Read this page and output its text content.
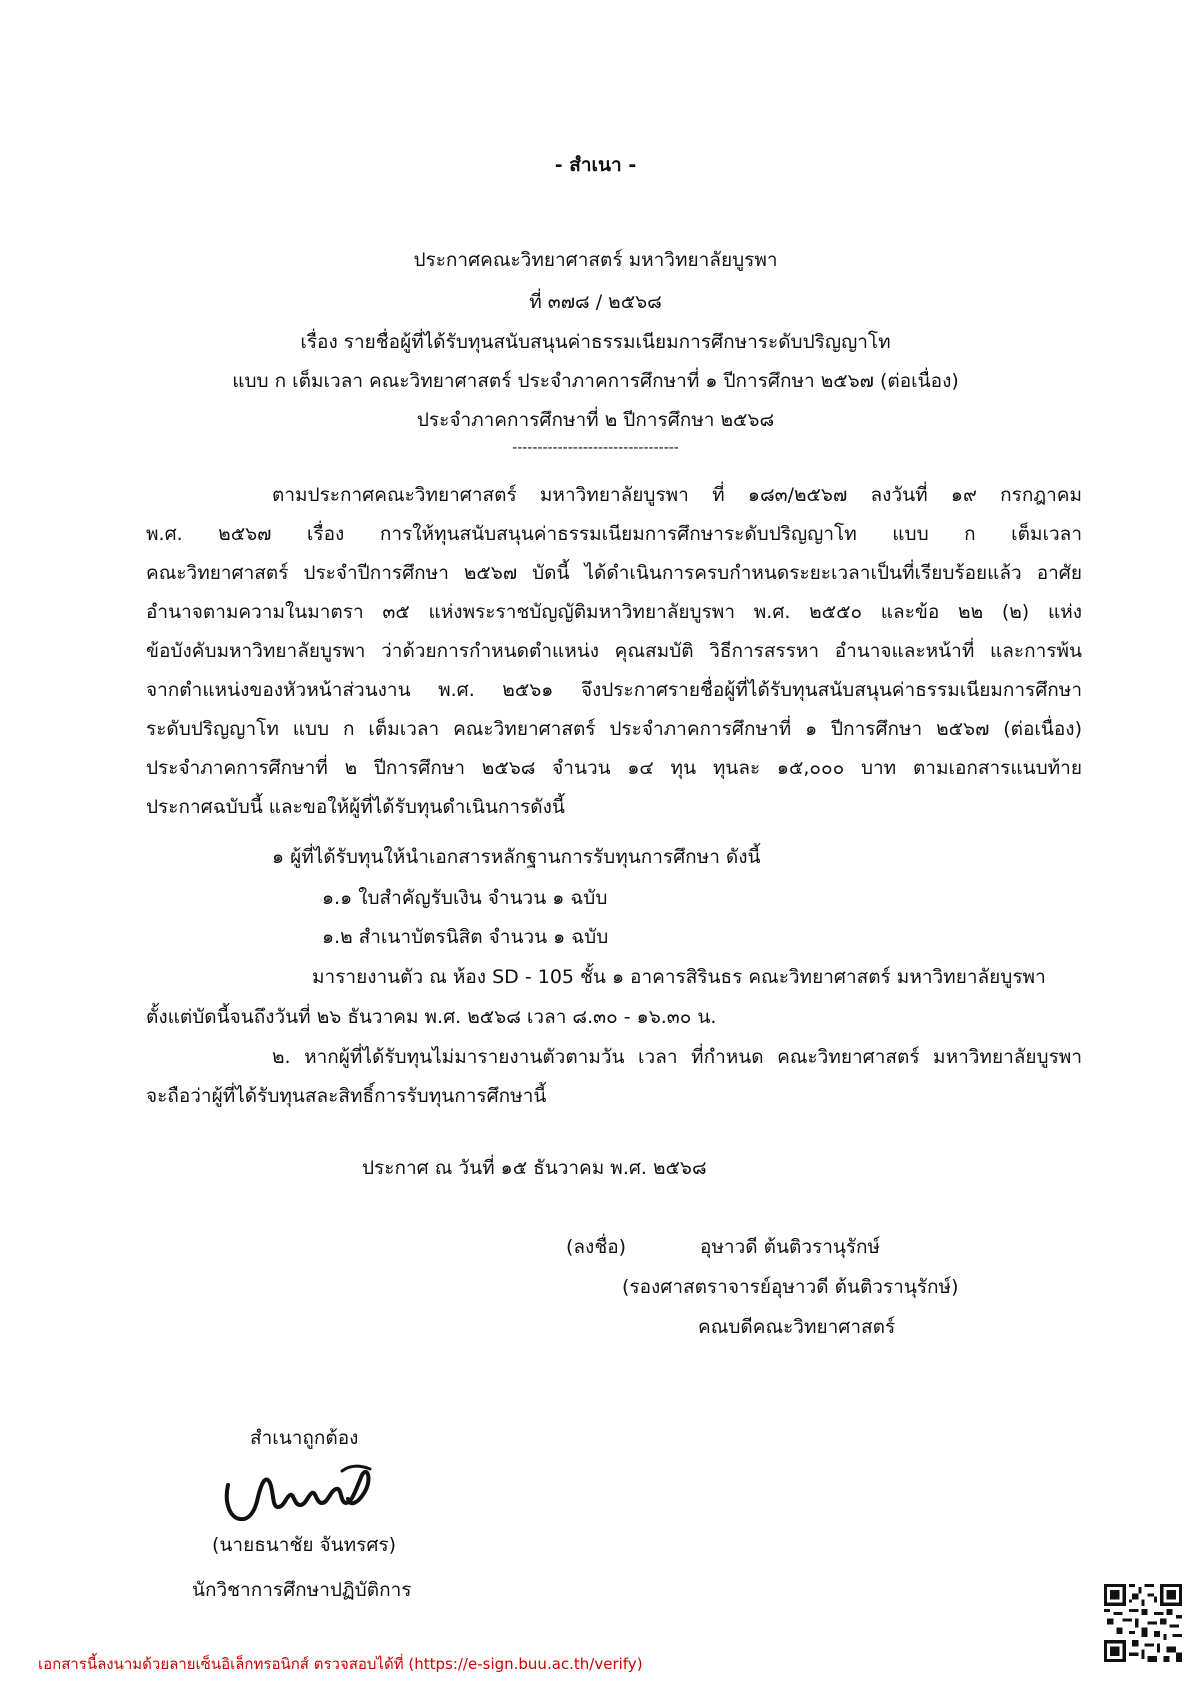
- สำเนา -
ประกาศคณะวิทยาศาสตร์ มหาวิทยาลัยบูรพา
ที่ ๓๗๘ / ๒๕๖๘
เรื่อง รายชื่อผู้ที่ได้รับทุนสนับสนุนค่าธรรมเนียมการศึกษาระดับปริญญาโท
แบบ ก เต็มเวลา คณะวิทยาศาสตร์ ประจำภาคการศึกษาที่ ๑ ปีการศึกษา ๒๕๖๗ (ต่อเนื่อง)
ประจำภาคการศึกษาที่ ๒ ปีการศึกษา ๒๕๖๘
---------------------------------
ตามประกาศคณะวิทยาศาสตร์ มหาวิทยาลัยบูรพา ที่ ๑๘๓/๒๕๖๗ ลงวันที่ ๑๙ กรกฎาคม
พ.ศ. ๒๕๖๗ เรื่อง การให้ทุนสนับสนุนค่าธรรมเนียมการศึกษาระดับปริญญาโท แบบ ก เต็มเวลา
คณะวิทยาศาสตร์ ประจำปีการศึกษา ๒๕๖๗ บัดนี้ ได้ดำเนินการครบกำหนดระยะเวลาเป็นที่เรียบร้อยแล้ว อาศัย
อำนาจตามความในมาตรา ๓๕ แห่งพระราชบัญญัติมหาวิทยาลัยบูรพา พ.ศ. ๒๕๕๐ และข้อ ๒๒ (๒) แห่ง
ข้อบังคับมหาวิทยาลัยบูรพา ว่าด้วยการกำหนดตำแหน่ง คุณสมบัติ วิธีการสรรหา อำนาจและหน้าที่ และการพ้น
จากตำแหน่งของหัวหน้าส่วนงาน พ.ศ. ๒๕๖๑ จึงประกาศรายชื่อผู้ที่ได้รับทุนสนับสนุนค่าธรรมเนียมการศึกษา
ระดับปริญญาโท แบบ ก เต็มเวลา คณะวิทยาศาสตร์ ประจำภาคการศึกษาที่ ๑ ปีการศึกษา ๒๕๖๗ (ต่อเนื่อง)
ประจำภาคการศึกษาที่ ๒ ปีการศึกษา ๒๕๖๘ จำนวน ๑๔ ทุน ทุนละ ๑๕,๐๐๐ บาท ตามเอกสารแนบท้าย
ประกาศฉบับนี้ และขอให้ผู้ที่ได้รับทุนดำเนินการดังนี้
๑ ผู้ที่ได้รับทุนให้นำเอกสารหลักฐานการรับทุนการศึกษา ดังนี้
๑.๑ ใบสำคัญรับเงิน จำนวน ๑ ฉบับ
๑.๒ สำเนาบัตรนิสิต จำนวน ๑ ฉบับ
มารายงานตัว ณ ห้อง SD - 105 ชั้น ๑ อาคารสิรินธร คณะวิทยาศาสตร์ มหาวิทยาลัยบูรพา
ตั้งแต่บัดนี้จนถึงวันที่ ๒๖ ธันวาคม พ.ศ. ๒๕๖๘ เวลา ๘.๓๐ - ๑๖.๓๐ น.
๒. หากผู้ที่ได้รับทุนไม่มารายงานตัวตามวัน เวลา ที่กำหนด คณะวิทยาศาสตร์ มหาวิทยาลัยบูรพา
จะถือว่าผู้ที่ได้รับทุนสละสิทธิ์การรับทุนการศึกษานี้
ประกาศ ณ วันที่ ๑๕ ธันวาคม พ.ศ. ๒๕๖๘
(ลงชื่อ)	อุษาวดี ต้นติวรานุรักษ์
(รองศาสตราจารย์อุษาวดี ต้นติวรานุรักษ์)
คณบดีคณะวิทยาศาสตร์
สำเนาถูกต้อง
(นายธนาชัย จันทรศร)
นักวิชาการศึกษาปฏิบัติการ
เอกสารนี้ลงนามด้วยลายเซ็นอิเล็กทรอนิกส์ ตรวจสอบได้ที่ (https://e-sign.buu.ac.th/verify)
